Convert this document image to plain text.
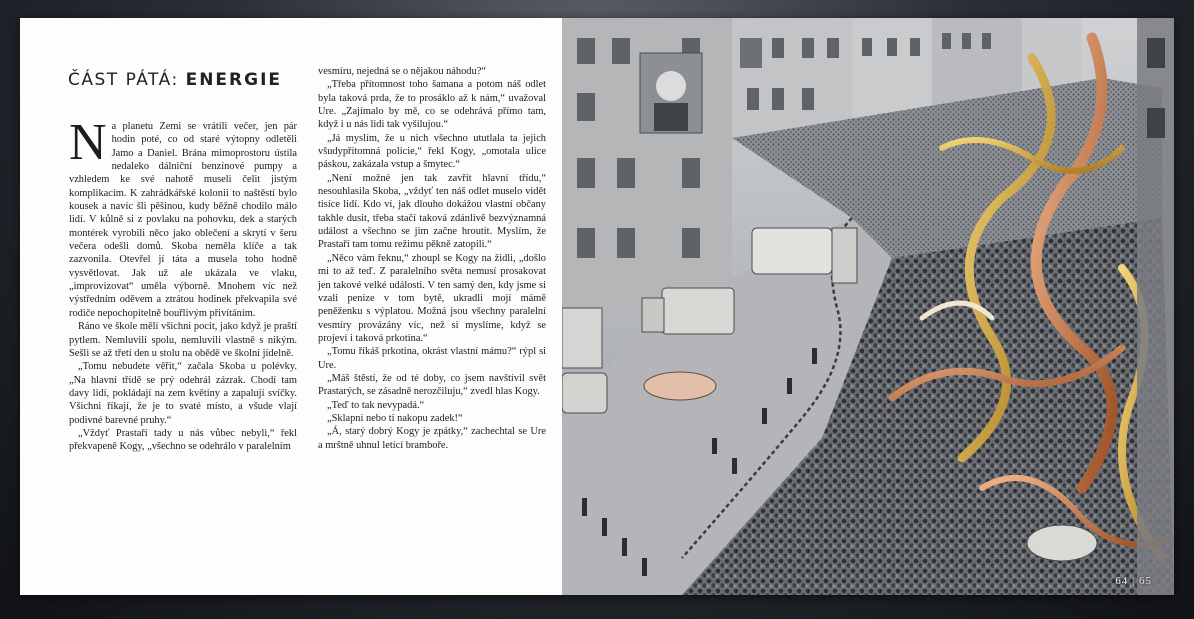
ČÁST PÁTÁ: ENERGIE

Na planetu Zemi se vrátili večer, jen pár hodin poté, co od staré výtopny odletěli Jamo a Daniel. Brána mimoprostoru ústila nedaleko dálniční benzínové pumpy a vzhledem ke své nahotě museli čelit jistým komplikacím. K zahrádkářské kolonii to naštěstí bylo kousek a navíc šli pěšinou, kudy běžně chodilo málo lidí. V kůlně si z povlaku na pohovku, dek a starých montérek vyrobili něco jako oblečení a skrytí v šeru večera odešli domů. Skoba neměla klíče a tak zazvonila. Otevřel jí táta a musela toho hodně vysvětlovat. Jak už ale ukázala ve vlaku, „improvizovat“ uměla výborně. Mnohem víc než výstředním oděvem a ztrátou hodinek překvapila své rodiče nepochopitelně bouřlivým přivítáním.

Ráno ve škole měli všichni pocit, jako když je praští pytlem. Nemluvili spolu, nemluvili vlastně s nikým. Sešli se až třetí den u stolu na obědě ve školní jídelně.

„Tomu nebudete věřit,“ začala Skoba u polévky. „Na hlavní třídě se prý odehrál zázrak. Chodí tam davy lidí, pokládají na zem květiny a zapalují svíčky. Všichni říkají, že je to svaté místo, a všude vlají podivné barevné pruhy.“

„Vždyť Prastaří tady u nás vůbec nebyli,“ řekl překvapeně Kogy, „všechno se odehrálo v paralelním

vesmíru, nejedná se o nějakou náhodu?“

„Třeba přítomnost toho šamana a potom náš odlet byla taková prda, že to prosáklo až k nám,“ uvažoval Ure. „Zajímalo by mě, co se odehrává přímo tam, když i u nás lidi tak vyšilujou.“

„Já myslím, že u nich všechno ututlala ta jejich všudypřítomná policie,“ řekl Kogy, „omotala ulice páskou, zakázala vstup a šmytec.“

„Není možné jen tak zavřít hlavní třídu,“ nesouhlasila Skoba, „vždyť ten náš odlet muselo vidět tisíce lidí. Kdo ví, jak dlouho dokážou vlastní občany takhle dusit, třeba stačí taková zdánlivě bezvýznamná událost a všechno se jim začne hroutit. Myslím, že Prastaří tam tomu režimu pěkně zatopili.“

„Něco vám řeknu,“ zhoupl se Kogy na židli, „došlo mi to až teď. Z paralelního světa nemusí prosakovat jen takové velké události. V ten samý den, kdy jsme si vzali peníze v tom bytě, ukradli mojí mámě peněženku s výplatou. Možná jsou všechny paralelní vesmíry provázány víc, než si myslíme, když se projeví i taková prkotina.“

„Tomu říkáš prkotina, okrást vlastní mámu?“ rýpl si Ure.

„Máš štěstí, že od té doby, co jsem navštívil svět Prastarých, se zásadně nerozčiluju,“ zvedl hlas Kogy.

„Teď to tak nevypadá.“

„Sklapni nebo ti nakopu zadek!“

„Á, starý dobrý Kogy je zpátky,“ zachechtal se Ure a mrštně uhnul letící bramboře.

64 | 65
